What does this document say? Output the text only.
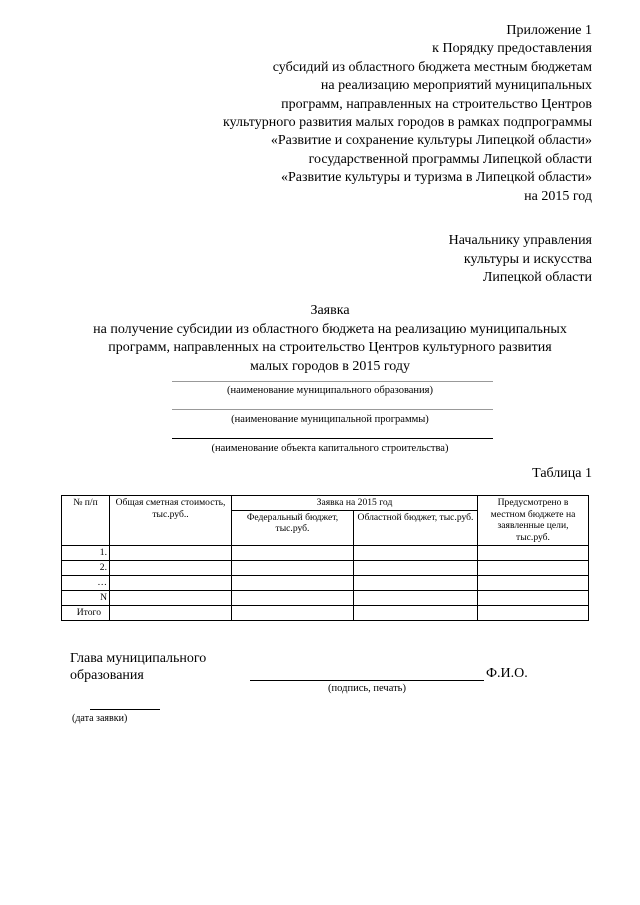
Приложение 1
к Порядку предоставления
субсидий из областного бюджета местным бюджетам
на реализацию мероприятий муниципальных
программ, направленных на строительство Центров
культурного развития малых городов в рамках подпрограммы
«Развитие и сохранение культуры Липецкой области»
государственной программы Липецкой области
«Развитие культуры и туризма в Липецкой области»
на 2015 год
Начальнику управления
культуры и искусства
Липецкой области
Заявка
на получение субсидии из областного бюджета на реализацию муниципальных
программ, направленных на строительство Центров культурного развития
малых городов в 2015 году
(наименование муниципального образования)
(наименование муниципальной программы)
(наименование объекта капитального строительства)
Таблица 1
№ п/п	Общая сметная стоимость, тыс.руб..	Заявка на 2015 год		Предусмотрено в местном бюджете на заявленные цели, тыс.руб.
		Федеральный бюджет, тыс.руб.	Областной бюджет, тыс.руб.	
1.				
2.				
…				
N				
Итого				
Глава муниципального
образования	Ф.И.О.
(подпись, печать)
(дата заявки)
